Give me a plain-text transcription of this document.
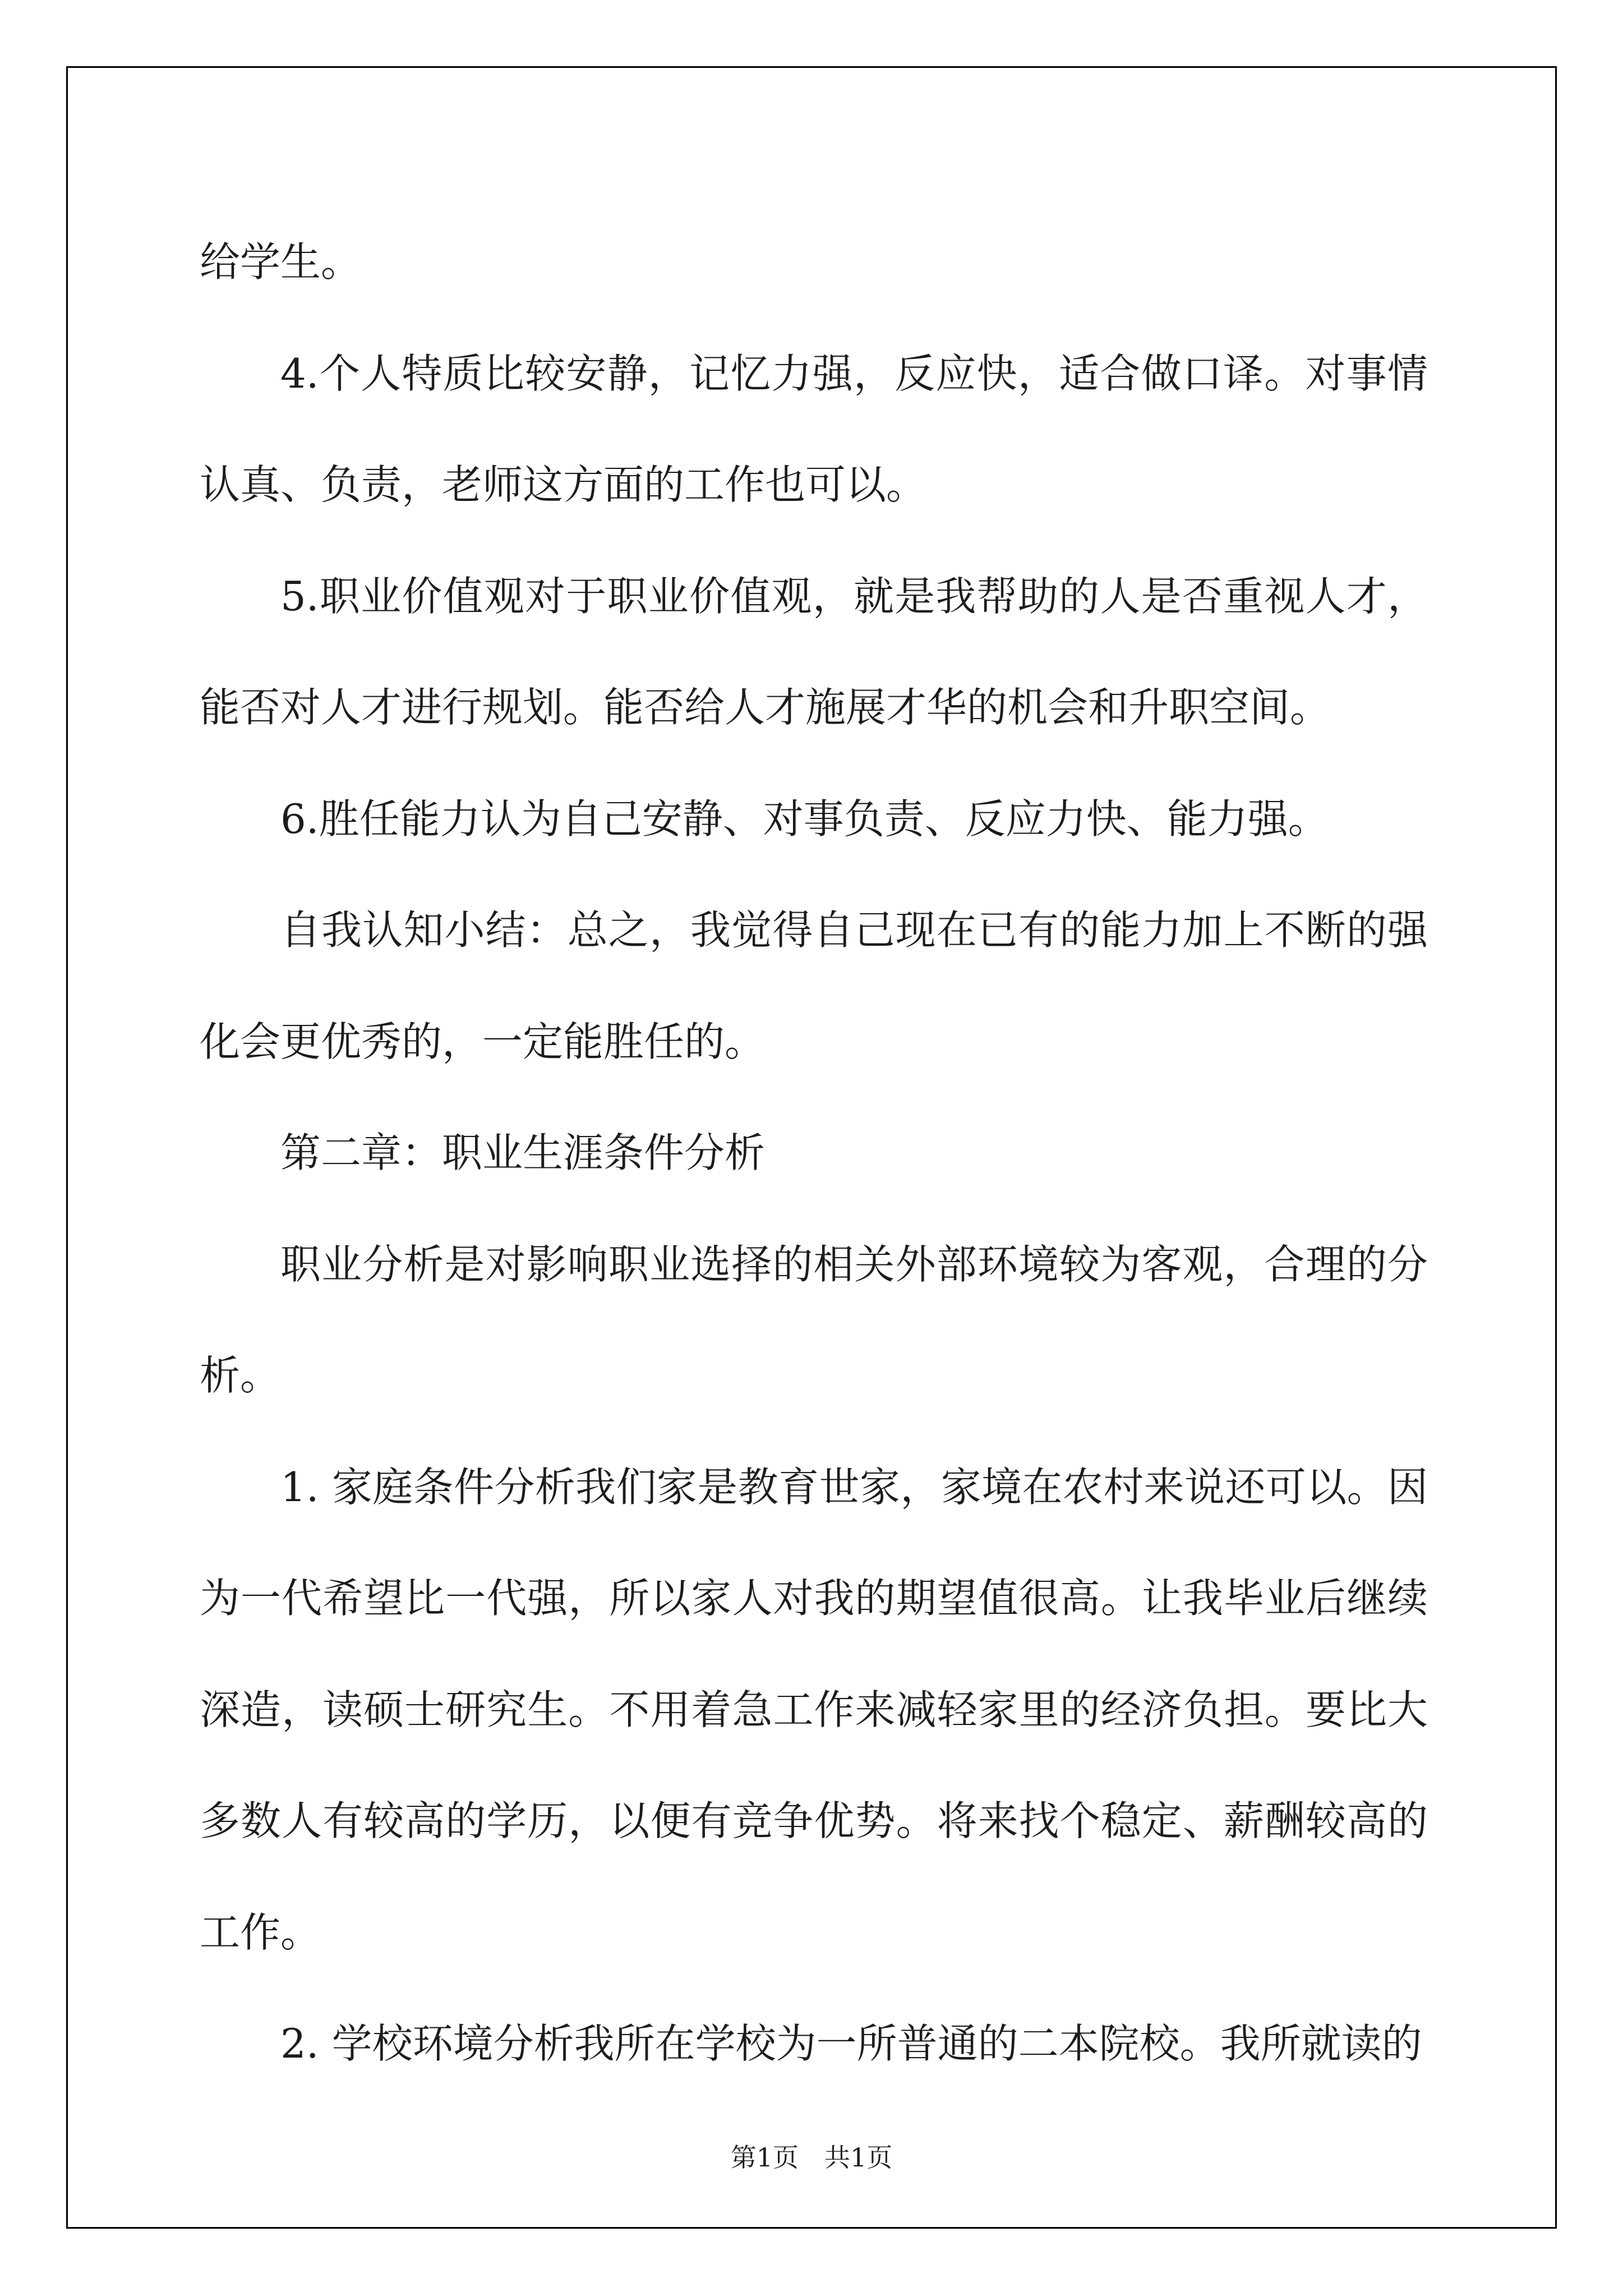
给学生。

4.个人特质比较安静，记忆力强，反应快，适合做口译。对事情认真、负责，老师这方面的工作也可以。

5.职业价值观对于职业价值观，就是我帮助的人是否重视人才，能否对人才进行规划。能否给人才施展才华的机会和升职空间。

6.胜任能力认为自己安静、对事负责、反应力快、能力强。

自我认知小结：总之，我觉得自己现在已有的能力加上不断的强化会更优秀的，一定能胜任的。

第二章：职业生涯条件分析

职业分析是对影响职业选择的相关外部环境较为客观，合理的分析。

1. 家庭条件分析我们家是教育世家，家境在农村来说还可以。因为一代希望比一代强，所以家人对我的期望值很高。让我毕业后继续深造，读硕士研究生。不用着急工作来减轻家里的经济负担。要比大多数人有较高的学历，以便有竞争优势。将来找个稳定、薪酬较高的工作。

2. 学校环境分析我所在学校为一所普通的二本院校。我所就读的

第1页　共1页
